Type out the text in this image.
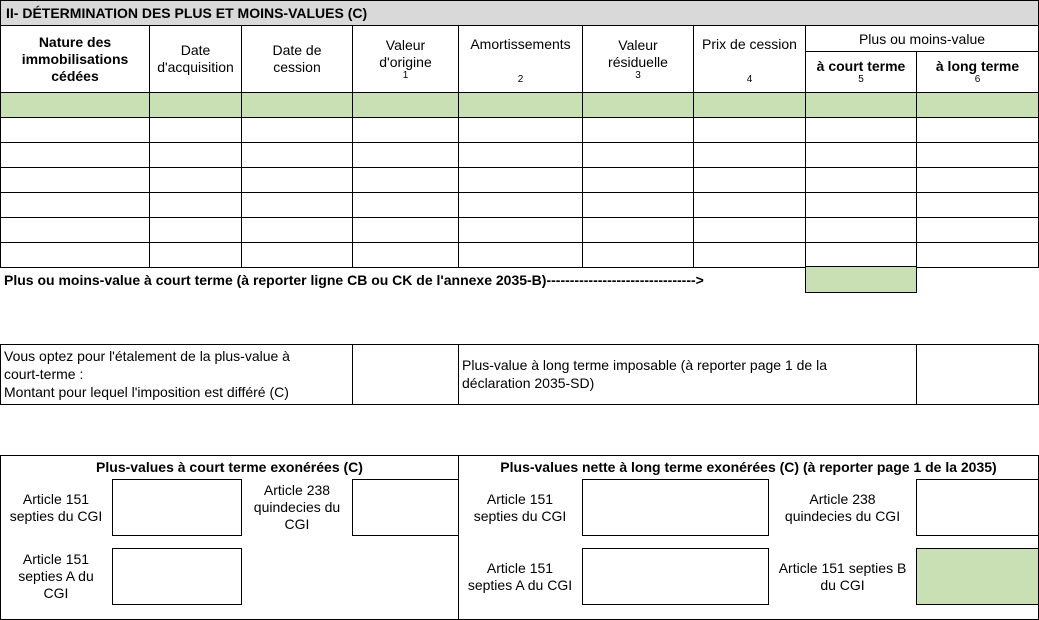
II- DÉTERMINATION DES PLUS ET MOINS-VALUES (C)
Nature des immobilisations cédées
Date d'acquisition
Date de cession
Valeur d'origine
1
Amortissements
2
Valeur résiduelle
3
Prix de cession
4
Plus ou moins-value
à court terme
5
à long terme
6
Plus ou moins-value à court terme (à reporter ligne CB ou CK de l'annexe 2035-B)-------------------------------->
Vous optez pour l'étalement de la plus-value à
court-terme :
Montant pour lequel l'imposition est différé (C)
Plus-value à long terme imposable (à reporter page 1 de la
déclaration 2035-SD)
Plus-values à court terme exonérées (C)	Plus-values nette à long terme exonérées (C) (à reporter page 1 de la 2035)
Article 151
septies du CGI
Article 238
quindecies du
CGI
Article 151
septies A du
CGI
Article 151
septies du CGI
Article 238
quindecies du CGI
Article 151
septies A du CGI
Article 151 septies B
du CGI
